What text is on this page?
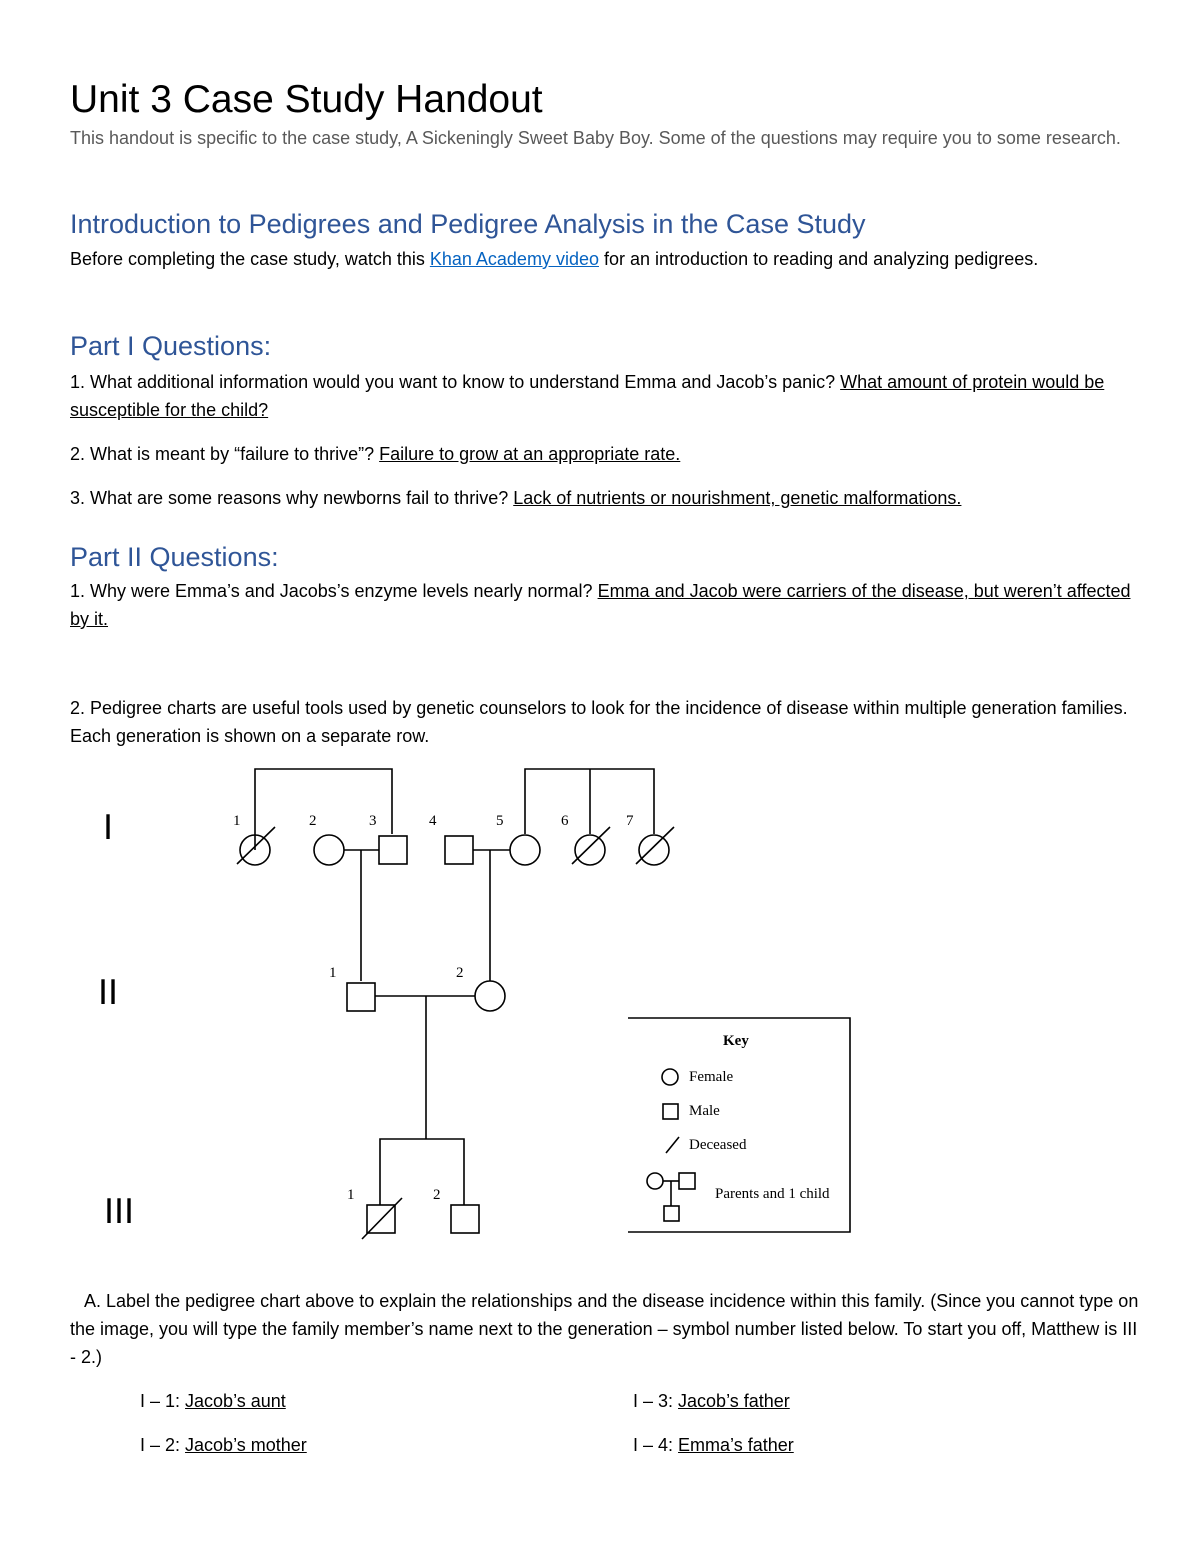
Unit 3 Case Study Handout

This handout is specific to the case study, A Sickeningly Sweet Baby Boy. Some of the questions may require you to some research.

Introduction to Pedigrees and Pedigree Analysis in the Case Study

Before completing the case study, watch this Khan Academy video for an introduction to reading and analyzing pedigrees.

Part I Questions:

1. What additional information would you want to know to understand Emma and Jacob’s panic? What amount of protein would be susceptible for the child?

2. What is meant by “failure to thrive”? Failure to grow at an appropriate rate.

3. What are some reasons why newborns fail to thrive? Lack of nutrients or nourishment, genetic malformations.

Part II Questions:

1. Why were Emma’s and Jacobs’s enzyme levels nearly normal? Emma and Jacob were carriers of the disease, but weren’t affected by it.

2. Pedigree charts are useful tools used by genetic counselors to look for the incidence of disease within multiple generation families. Each generation is shown on a separate row.

I
II
III
1	2	3	4	5	6	7
1	2
1	2
Key
Female
Male
Deceased
Parents and 1 child

A. Label the pedigree chart above to explain the relationships and the disease incidence within this family. (Since you cannot type on the image, you will type the family member’s name next to the generation – symbol number listed below. To start you off, Matthew is III - 2.)

I – 1: Jacob’s aunt	I – 3: Jacob’s father
I – 2: Jacob’s mother	I – 4: Emma’s father
